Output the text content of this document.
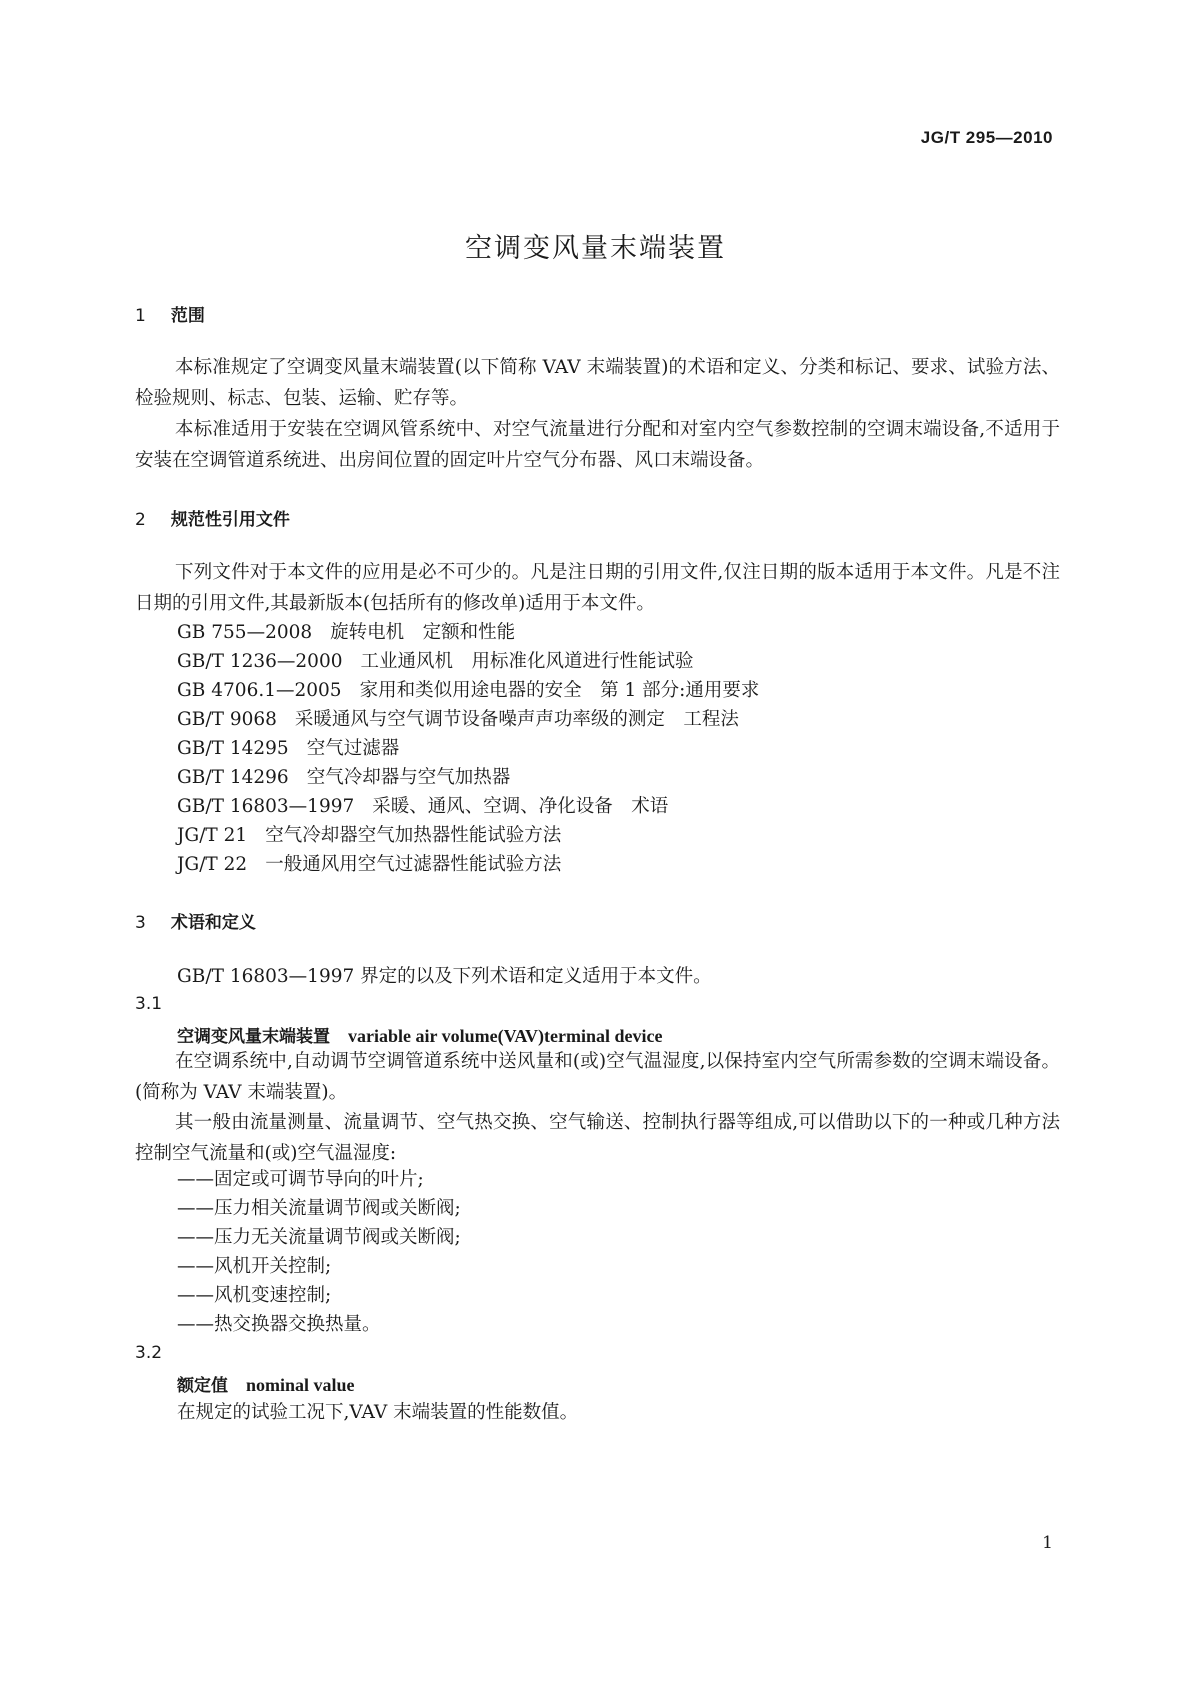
JG/T 295—2010
空调变风量末端装置
1 范围

本标准规定了空调变风量末端装置(以下简称 VAV 末端装置)的术语和定义、分类和标记、要求、试验方法、检验规则、标志、包装、运输、贮存等。

本标准适用于安装在空调风管系统中、对空气流量进行分配和对室内空气参数控制的空调末端设备,不适用于安装在空调管道系统进、出房间位置的固定叶片空气分布器、风口末端设备。

2 规范性引用文件

下列文件对于本文件的应用是必不可少的。凡是注日期的引用文件,仅注日期的版本适用于本文件。凡是不注日期的引用文件,其最新版本(包括所有的修改单)适用于本文件。

GB 755—2008 旋转电机　定额和性能

GB/T 1236—2000 工业通风机　用标准化风道进行性能试验

GB 4706.1—2005 家用和类似用途电器的安全　第 1 部分:通用要求

GB/T 9068 采暖通风与空气调节设备噪声声功率级的测定　工程法

GB/T 14295 空气过滤器

GB/T 14296 空气冷却器与空气加热器

GB/T 16803—1997 采暖、通风、空调、净化设备　术语

JG/T 21 空气冷却器空气加热器性能试验方法

JG/T 22 一般通风用空气过滤器性能试验方法

3 术语和定义

GB/T 16803—1997 界定的以及下列术语和定义适用于本文件。

3.1
空调变风量末端装置 variable air volume(VAV)terminal device

在空调系统中,自动调节空调管道系统中送风量和(或)空气温湿度,以保持室内空气所需参数的空调末端设备。(简称为 VAV 末端装置)。

其一般由流量测量、流量调节、空气热交换、空气输送、控制执行器等组成,可以借助以下的一种或几种方法控制空气流量和(或)空气温湿度:

——固定或可调节导向的叶片;

——压力相关流量调节阀或关断阀;

——压力无关流量调节阀或关断阀;

——风机开关控制;

——风机变速控制;

——热交换器交换热量。

3.2
额定值 nominal value

在规定的试验工况下,VAV 末端装置的性能数值。

1
